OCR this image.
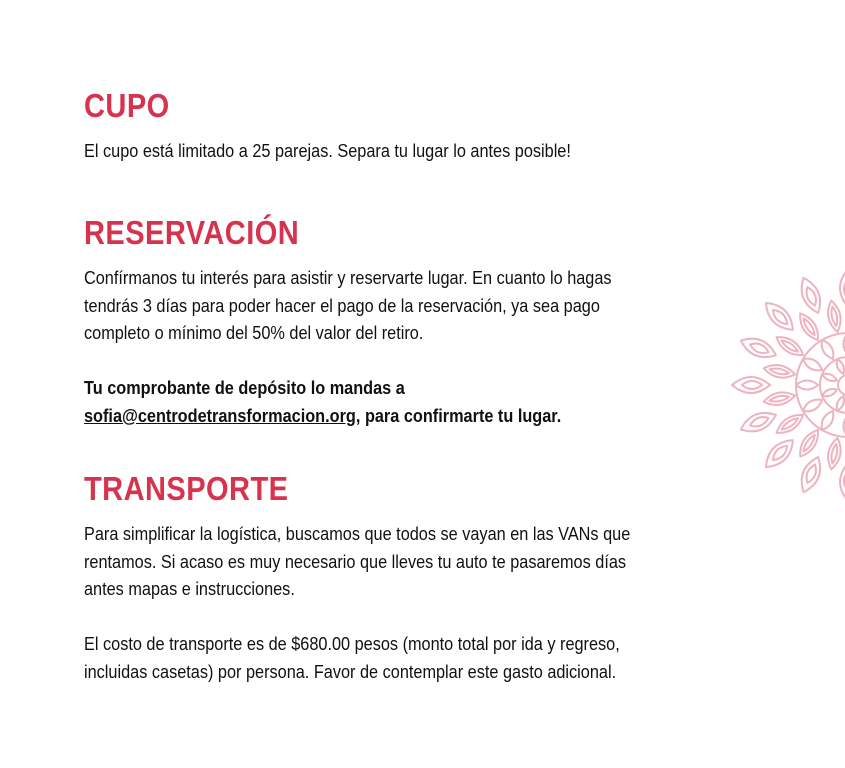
CUPO

El cupo está limitado a 25 parejas. Separa tu lugar lo antes posible!

RESERVACIÓN

Confírmanos tu interés para asistir y reservarte lugar. En cuanto lo hagas
tendrás 3 días para poder hacer el pago de la reservación, ya sea pago
completo o mínimo del 50% del valor del retiro.

Tu comprobante de depósito lo mandas a
sofia@centrodetransformacion.org, para confirmarte tu lugar.

TRANSPORTE

Para simplificar la logística, buscamos que todos se vayan en las VANs que
rentamos. Si acaso es muy necesario que lleves tu auto te pasaremos días
antes mapas e instrucciones.

El costo de transporte es de $680.00 pesos (monto total por ida y regreso,
incluidas casetas) por persona. Favor de contemplar este gasto adicional.
